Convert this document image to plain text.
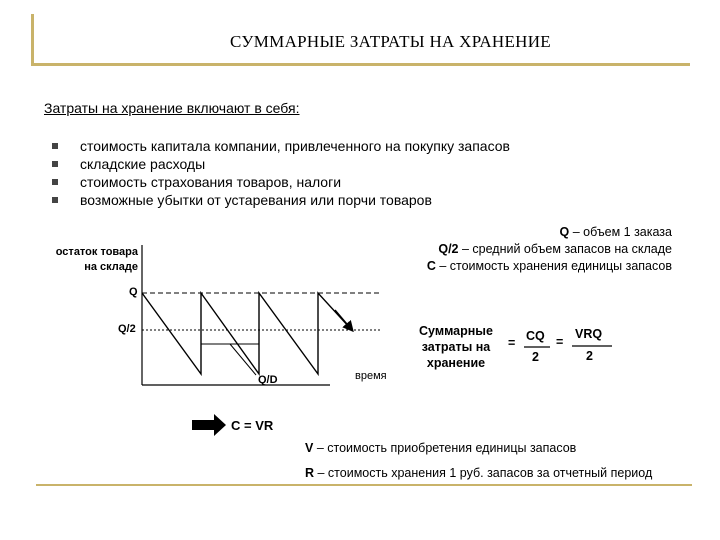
СУММАРНЫЕ ЗАТРАТЫ НА ХРАНЕНИЕ
Затраты на хранение включают в себя:
стоимость капитала компании, привлеченного на покупку запасов
складские расходы
стоимость страхования товаров, налоги
возможные убытки от устаревания или порчи товаров
Q – объем 1 заказа
Q/2 – средний объем запасов на складе
С – стоимость хранения единицы запасов
остаток товара
на складе
Q
Q/2
Q/D	время
Суммарные
затраты на
хранение
= CQ
2
=
VRQ
2
C = VR
V – стоимость приобретения единицы запасов
R – стоимость хранения 1 руб. запасов за отчетный период
